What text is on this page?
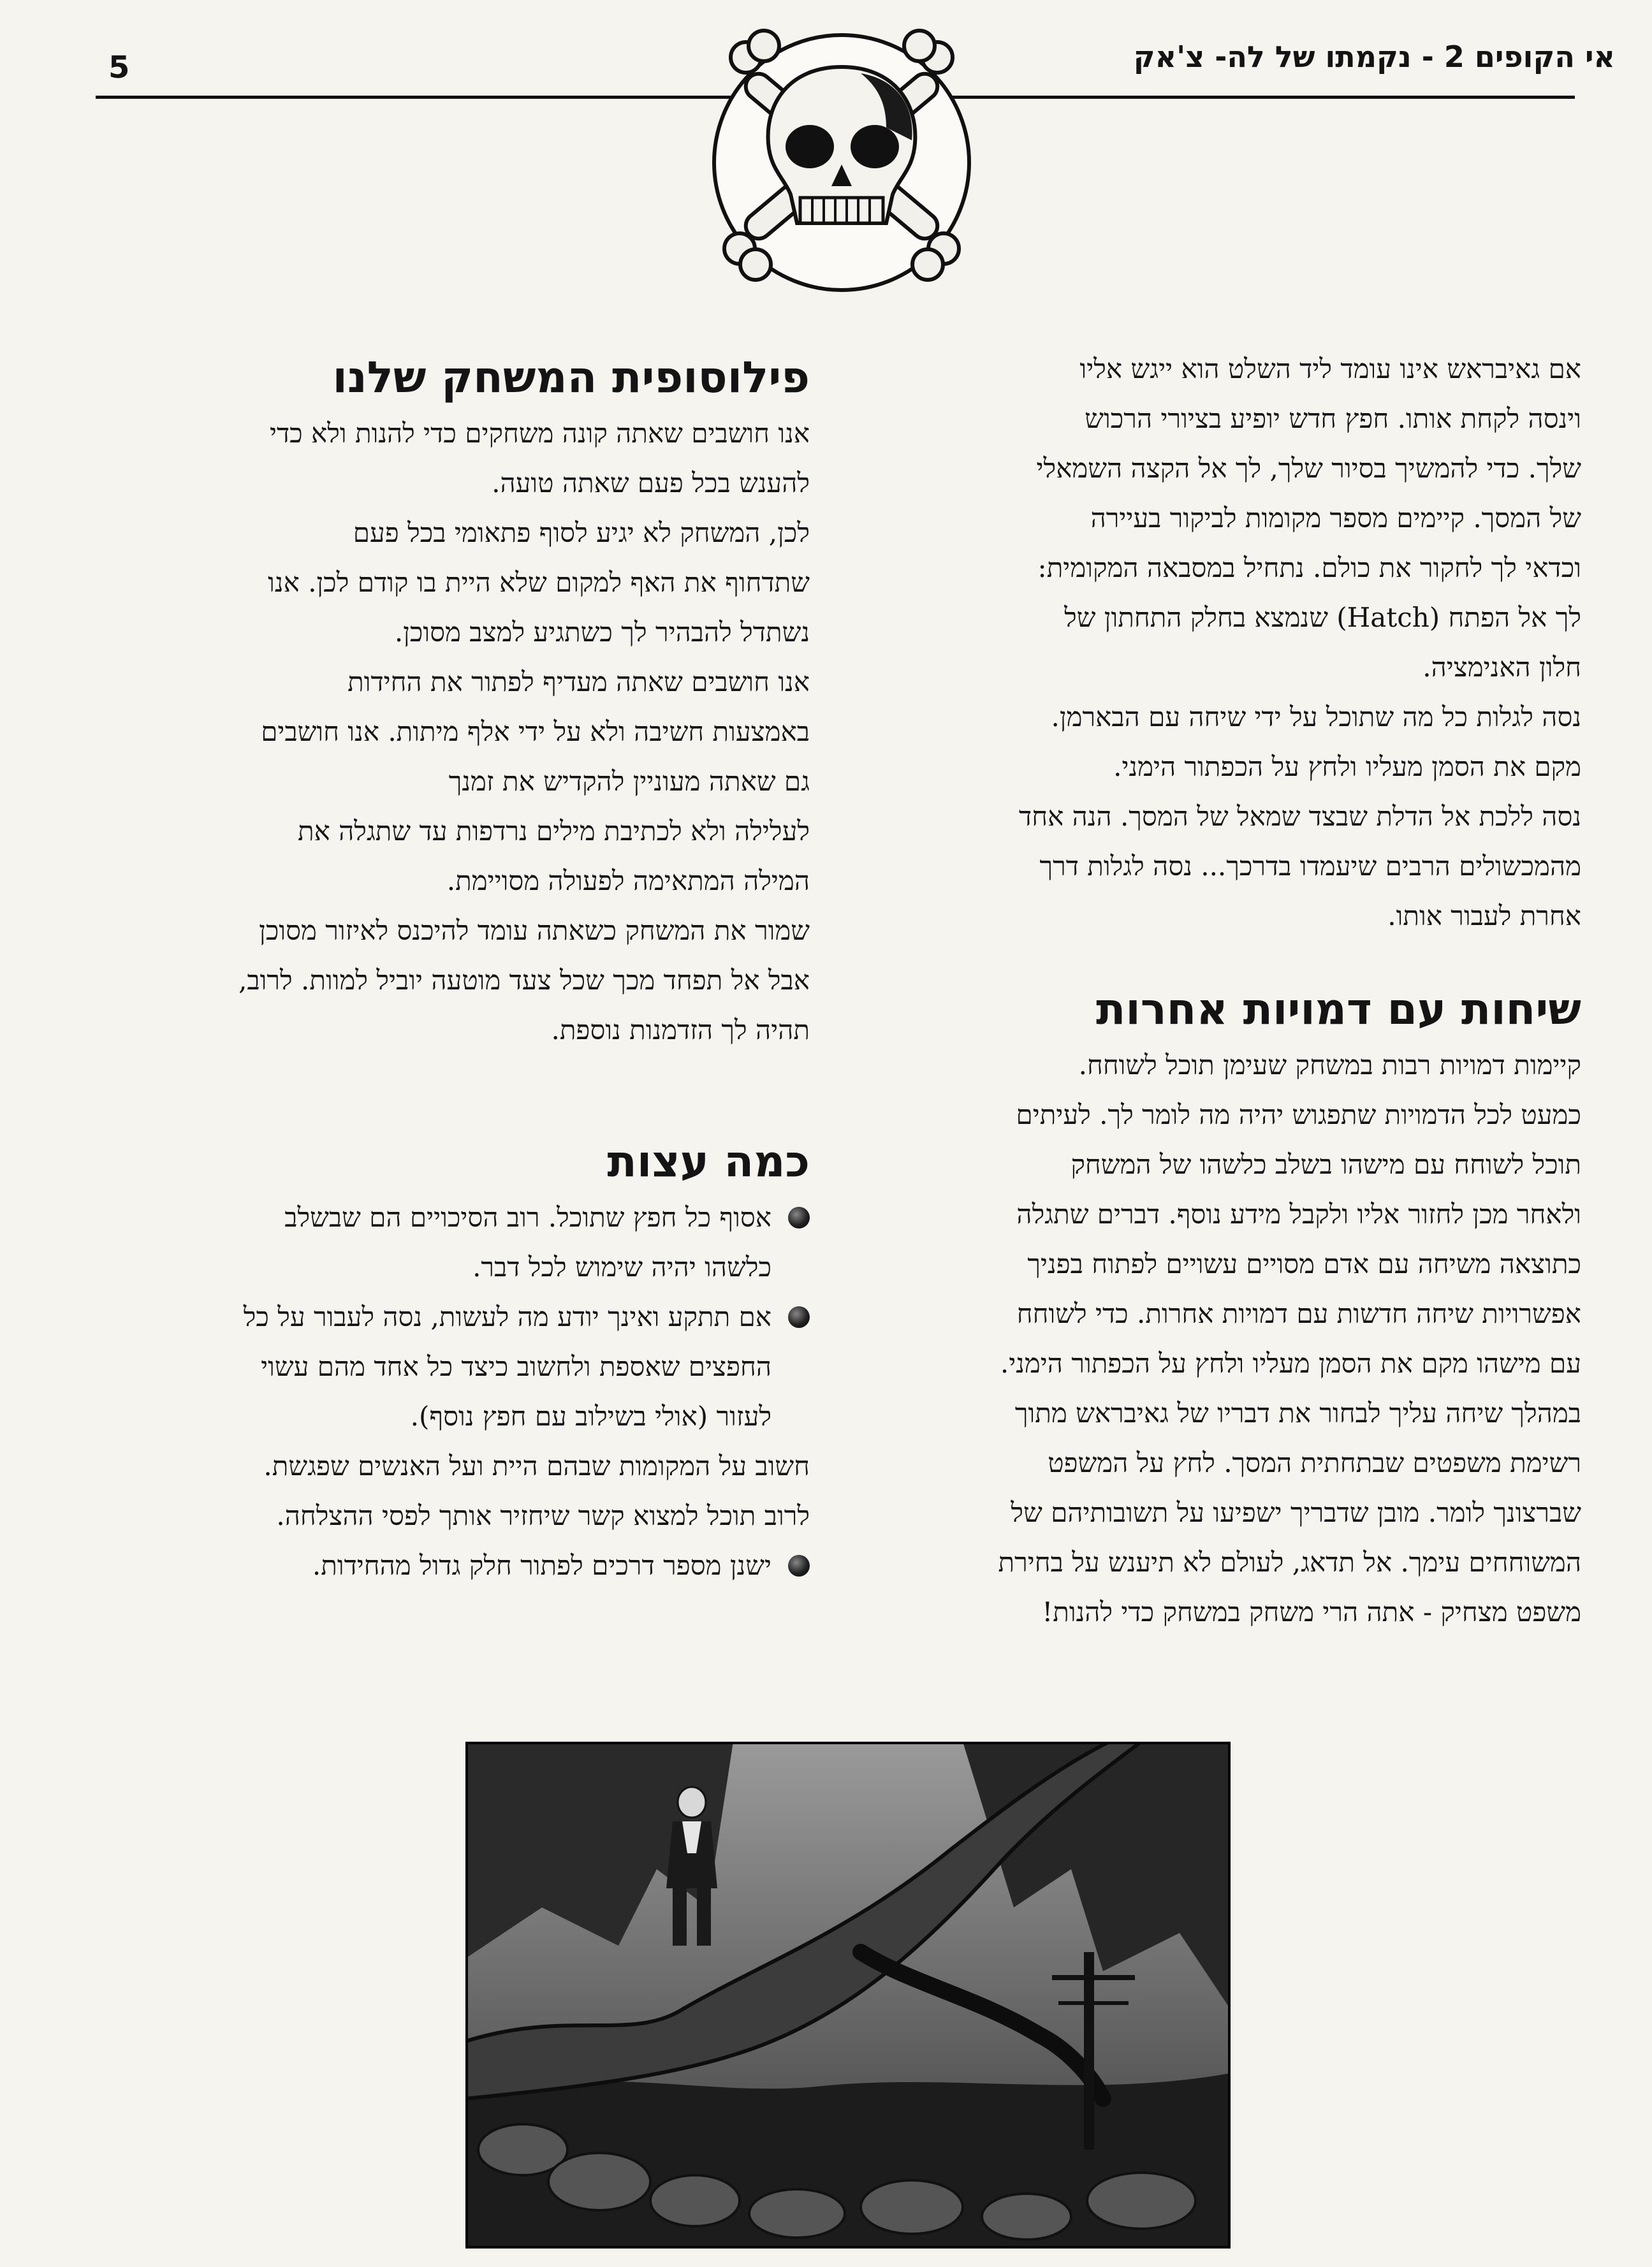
5	אי הקופים 2 - נקמתו של לה- צ'אק

אם גאיבראש אינו עומד ליד השלט הוא ייגש אליו

וינסה לקחת אותו. חפץ חדש יופיע בציורי הרכוש

שלך. כדי להמשיך בסיור שלך, לך אל הקצה השמאלי

של המסך. קיימים מספר מקומות לביקור בעיירה

וכדאי לך לחקור את כולם. נתחיל במסבאה המקומית:

לך אל הפתח (Hatch) שנמצא בחלק התחתון של

חלון האנימציה.

נסה לגלות כל מה שתוכל על ידי שיחה עם הבארמן.

מקם את הסמן מעליו ולחץ על הכפתור הימני.

נסה ללכת אל הדלת שבצד שמאל של המסך. הנה אחד

מהמכשולים הרבים שיעמדו בדרכך... נסה לגלות דרך

אחרת לעבור אותו.

שיחות עם דמויות אחרות

קיימות דמויות רבות במשחק שעימן תוכל לשוחח.

כמעט לכל הדמויות שתפגוש יהיה מה לומר לך. לעיתים

תוכל לשוחח עם מישהו בשלב כלשהו של המשחק

ולאחר מכן לחזור אליו ולקבל מידע נוסף. דברים שתגלה

כתוצאה משיחה עם אדם מסויים עשויים לפתוח בפניך

אפשרויות שיחה חדשות עם דמויות אחרות. כדי לשוחח

עם מישהו מקם את הסמן מעליו ולחץ על הכפתור הימני.

במהלך שיחה עליך לבחור את דבריו של גאיבראש מתוך

רשימת משפטים שבתחתית המסך. לחץ על המשפט

שברצונך לומר. מובן שדבריך ישפיעו על תשובותיהם של

המשוחחים עימך. אל תדאג, לעולם לא תיענש על בחירת

משפט מצחיק - אתה הרי משחק במשחק כדי להנות!

פילוסופית המשחק שלנו

אנו חושבים שאתה קונה משחקים כדי להנות ולא כדי

להענש בכל פעם שאתה טועה.

לכן, המשחק לא יגיע לסוף פתאומי בכל פעם

שתדחוף את האף למקום שלא היית בו קודם לכן. אנו

נשתדל להבהיר לך כשתגיע למצב מסוכן.

אנו חושבים שאתה מעדיף לפתור את החידות

באמצעות חשיבה ולא על ידי אלף מיתות. אנו חושבים

גם שאתה מעוניין להקדיש את זמנך

לעלילה ולא לכתיבת מילים נרדפות עד שתגלה את

המילה המתאימה לפעולה מסויימת.

שמור את המשחק כשאתה עומד להיכנס לאיזור מסוכן

אבל אל תפחד מכך שכל צעד מוטעה יוביל למוות. לרוב,

תהיה לך הזדמנות נוספת.

כמה עצות

אסוף כל חפץ שתוכל. רוב הסיכויים הם שבשלב

כלשהו יהיה שימוש לכל דבר.

אם תתקע ואינך יודע מה לעשות, נסה לעבור על כל

החפצים שאספת ולחשוב כיצד כל אחד מהם עשוי

לעזור (אולי בשילוב עם חפץ נוסף).

חשוב על המקומות שבהם היית ועל האנשים שפגשת.

לרוב תוכל למצוא קשר שיחזיר אותך לפסי ההצלחה.

ישנן מספר דרכים לפתור חלק גדול מהחידות.
